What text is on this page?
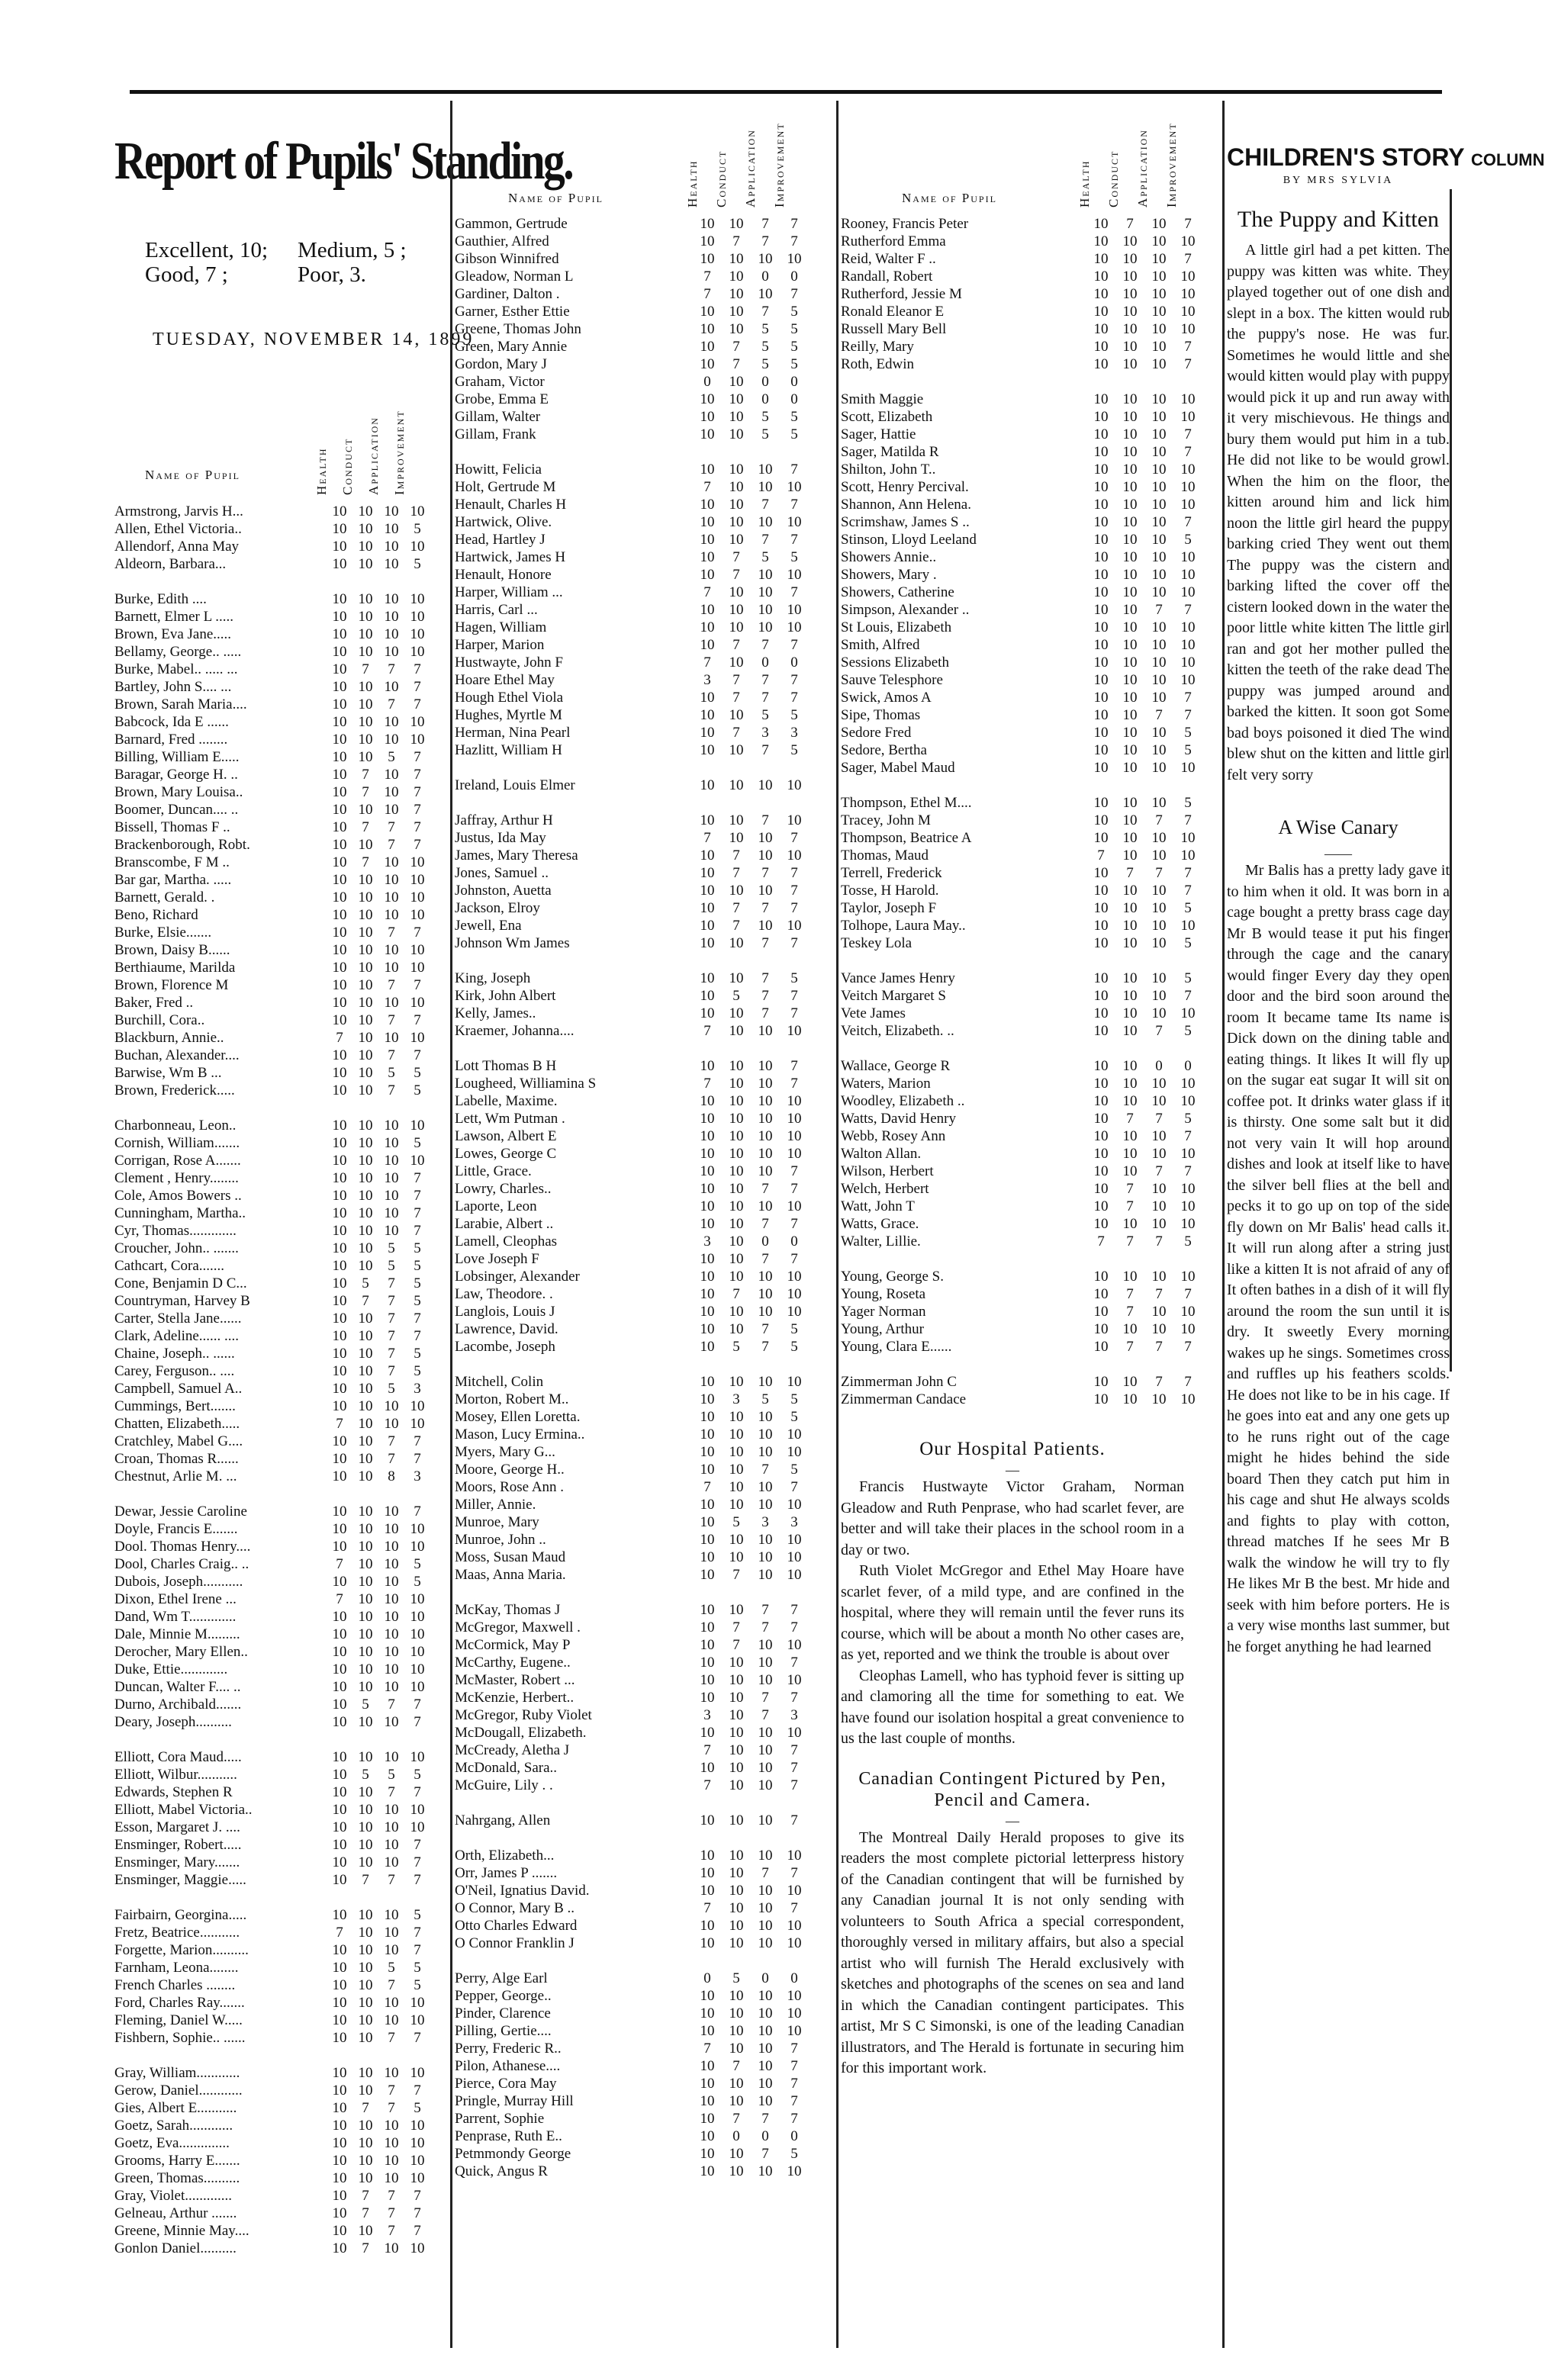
Report of Pupils' Standing.
Excellent, 10;	Medium, 5 ;
Good, 7 ;	Poor, 3.
TUESDAY, NOVEMBER 14, 1899
Name of Pupil	Health Conduct Application Improvement
Armstrong, Jarvis H...	10 10 10 10
Allen, Ethel Victoria..	10 10 10	5
Allendorf, Anna May	10 10 10 10
Aldeorn, Barbara...	10 10 10	5
Burke, Edith ....	10 10 10 10
Barnett, Elmer L .....	10 10 10 10
Brown, Eva Jane.....	10 10 10 10
Bellamy, George.. .....	10 10 10 10
Burke, Mabel.. ..... ...	10	7	7	7
Bartley, John S.... ...	10 10 10	7
Brown, Sarah Maria....	10 10	7	7
Babcock, Ida E ......	10 10 10 10
Barnard, Fred ........	10 10 10 10
Billing, William E.....	10 10	5	7
Baragar, George H. ..	10	7	10	7
Brown, Mary Louisa..	10	7	10	7
Boomer, Duncan.... ..	10 10 10	7
Bissell, Thomas F ..	10	7	7	7
Brackenborough, Robt.	10 10	7	7
Branscombe, F M ..	10	7	10 10
Bar gar, Martha. .....	10 10 10 10
Barnett, Gerald. .	10 10 10 10
Beno, Richard	10 10 10 10
Burke, Elsie.......	10 10	7	7
Brown, Daisy B......	10 10 10 10
Berthiaume, Marilda	10 10 10 10
Brown, Florence M	10 10	7	7
Baker, Fred ..	10 10 10 10
Burchill, Cora..	10 10	7	7
Blackburn, Annie..	7	10 10 10
Buchan, Alexander....	10 10	7	7
Barwise, Wm B ...	10 10	5	5
Brown, Frederick.....	10 10	7	5
Charbonneau, Leon..	10 10 10 10
Cornish, William.......	10 10 10	5
Corrigan, Rose A.......	10 10 10 10
Clement , Henry........	10 10 10	7
Cole, Amos Bowers ..	10 10 10	7
Cunningham, Martha..	10 10 10	7
Cyr, Thomas.............	10 10 10	7
Croucher, John.. .......	10 10	5	5
Cathcart, Cora.......	10 10	5	5
Cone, Benjamin D C...	10	5	7	5
Countryman, Harvey B	10	7	7	5
Carter, Stella Jane......	10 10	7	7
Clark, Adeline...... ....	10 10	7	7
Chaine, Joseph.. ......	10 10	7	5
Carey, Ferguson.. ....	10 10	7	5
Campbell, Samuel A..	10 10	5	3
Cummings, Bert.......	10 10 10 10
Chatten, Elizabeth.....	7	10 10 10
Cratchley, Mabel G....	10 10	7	7
Croan, Thomas R......	10 10	7	7
Chestnut, Arlie M. ...	10 10	8	3
Dewar, Jessie Caroline	10 10 10	7
Doyle, Francis E.......	10 10 10 10
Dool. Thomas Henry....	10 10 10 10
Dool, Charles Craig.. ..	7	10 10	5
Dubois, Joseph...........	10 10 10	5
Dixon, Ethel Irene ...	7	10 10 10
Dand, Wm T.............	10 10 10 10
Dale, Minnie M.........	10 10 10 10
Derocher, Mary Ellen..	10 10 10 10
Duke, Ettie.............	10 10 10 10
Duncan, Walter F.... ..	10 10 10 10
Durno, Archibald.......	10	5	7	7
Deary, Joseph..........	10 10 10	7
Elliott, Cora Maud.....	10 10 10 10
Elliott, Wilbur...........	10	5	5	5
Edwards, Stephen R	10 10	7	7
Elliott, Mabel Victoria..	10 10 10 10
Esson, Margaret J. ....	10 10 10 10
Ensminger, Robert.....	10 10 10	7
Ensminger, Mary.......	10 10 10	7
Ensminger, Maggie.....	10	7	7	7
Fairbairn, Georgina.....	10 10 10	5
Fretz, Beatrice...........	7	10 10	7
Forgette, Marion..........	10 10 10	7
Farnham, Leona........	10 10	5	5
French Charles ........	10 10	7	5
Ford, Charles Ray.......	10 10 10 10
Fleming, Daniel W.....	10 10 10 10
Fishbern, Sophie.. ......	10 10	7	7
Gray, William............	10 10 10 10
Gerow, Daniel............	10 10	7	7
Gies, Albert E...........	10	7	7	5
Goetz, Sarah............	10 10 10 10
Goetz, Eva..............	10 10 10 10
Grooms, Harry E.......	10 10 10 10
Green, Thomas..........	10 10 10 10
Gray, Violet.............	10	7	7	7
Gelneau, Arthur .......	10	7	7	7
Greene, Minnie May....	10 10	7	7
Gonlon Daniel..........	10	7	10 10
Name of Pupil	Health Conduct Application Improvement
Gammon, Gertrude	10	10	7	7
Gauthier, Alfred	10	7	7	7
Gibson Winnifred	10	10	10	10
Gleadow, Norman L	7	10	0	0
Gardiner, Dalton .	7	10	10	7
Garner, Esther Ettie	10	10	7	5
Greene, Thomas John	10	10	5	5
Green, Mary Annie	10	7	5	5
Gordon, Mary J	10	7	5	5
Graham, Victor	0	10	0	0
Grobe, Emma E	10	10	0	0
Gillam, Walter	10	10	5	5
Gillam, Frank	10	10	5	5
Howitt, Felicia	10	10	10	7
Holt, Gertrude M	7	10	10	10
Henault, Charles H	10	10	7	7
Hartwick, Olive.	10	10	10	10
Head, Hartley J	10	10	7	7
Hartwick, James H	10	7	5	5
Henault, Honore	10	7	10	10
Harper, William ...	7	10	10	7
Harris, Carl ...	10	10	10	10
Hagen, William	10	10	10	10
Harper, Marion	10	7	7	7
Hustwayte, John F	7	10	0	0
Hoare Ethel May	3	7	7	7
Hough Ethel Viola	10	7	7	7
Hughes, Myrtle M	10	10	5	5
Herman, Nina Pearl	10	7	3	3
Hazlitt, William H	10	10	7	5
Ireland, Louis Elmer	10	10	10	10
Jaffray, Arthur H	10	10	7	10
Justus, Ida May	7	10	10	7
James, Mary Theresa	10	7	10	10
Jones, Samuel ..	10	7	7	7
Johnston, Auetta	10	10	10	7
Jackson, Elroy	10	7	7	7
Jewell, Ena	10	7	10	10
Johnson Wm James	10	10	7	7
King, Joseph	10	10	7	5
Kirk, John Albert	10	5	7	7
Kelly, James..	10	10	7	7
Kraemer, Johanna....	7	10	10	10
Lott Thomas B H	10	10	10	7
Lougheed, Williamina S	7	10	10	7
Labelle, Maxime.	10	10	10	10
Lett, Wm Putman .	10	10	10	10
Lawson, Albert E	10	10	10	10
Lowes, George C	10	10	10	10
Little, Grace.	10	10	10	7
Lowry, Charles..	10	10	7	7
Laporte, Leon	10	10	10	10
Larabie, Albert ..	10	10	7	7
Lamell, Cleophas	3	10	0	0
Love Joseph F	10	10	7	7
Lobsinger, Alexander	10	10	10	10
Law, Theodore. .	10	7	10	10
Langlois, Louis J	10	10	10	10
Lawrence, David.	10	10	7	5
Lacombe, Joseph	10	5	7	5
Mitchell, Colin	10	10	10	10
Morton, Robert M..	10	3	5	5
Mosey, Ellen Loretta.	10	10	10	5
Mason, Lucy Ermina..	10	10	10	10
Myers, Mary G...	10	10	10	10
Moore, George H..	10	10	7	5
Moors, Rose Ann .	7	10	10	7
Miller, Annie.	10	10	10	10
Munroe, Mary	10	5	3	3
Munroe, John ..	10	10	10	10
Moss, Susan Maud	10	10	10	10
Maas, Anna Maria.	10	7	10	10
McKay, Thomas J	10	10	7	7
McGregor, Maxwell .	10	7	7	7
McCormick, May P	10	7	10	10
McCarthy, Eugene..	10	10	10	7
McMaster, Robert ...	10	10	10	10
McKenzie, Herbert..	10	10	7	7
McGregor, Ruby Violet	3	10	7	3
McDougall, Elizabeth.	10	10	10	10
McCready, Aletha J	7	10	10	7
McDonald, Sara..	10	10	10	7
McGuire, Lily . .	7	10	10	7
Nahrgang, Allen	10	10	10	7
Orth, Elizabeth...	10	10	10	10
Orr, James P .......	10	10	7	7
O'Neil, Ignatius David.	10	10	10	10
O Connor, Mary B ..	7	10	10	7
Otto Charles Edward	10	10	10	10
O Connor Franklin J	10	10	10	10
Perry, Alge Earl	0	5	0	0
Pepper, George..	10	10	10	10
Pinder, Clarence	10	10	10	10
Pilling, Gertie....	10	10	10	10
Perry, Frederic R..	7	10	10	7
Pilon, Athanese....	10	7	10	7
Pierce, Cora May	10	10	10	7
Pringle, Murray Hill	10	10	10	7
Parrent, Sophie	10	7	7	7
Penprase, Ruth E..	10	0	0	0
Petmmondy George	10	10	7	5
Quick, Angus R	10	10	10	10
Name of Pupil	Health Conduct Application Improvement
Rooney, Francis Peter	10	7	10	7
Rutherford Emma	10	10	10	10
Reid, Walter F ..	10	10	10	7
Randall, Robert	10	10	10	10
Rutherford, Jessie M	10	10	10	10
Ronald Eleanor E	10	10	10	10
Russell Mary Bell	10	10	10	10
Reilly, Mary	10	10	10	7
Roth, Edwin	10	10	10	7
Smith Maggie	10	10	10	10
Scott, Elizabeth	10	10	10	10
Sager, Hattie	10	10	10	7
Sager, Matilda R	10	10	10	7
Shilton, John T..	10	10	10	10
Scott, Henry Percival.	10	10	10	10
Shannon, Ann Helena.	10	10	10	10
Scrimshaw, James S ..	10	10	10	7
Stinson, Lloyd Leeland	10	10	10	5
Showers Annie..	10	10	10	10
Showers, Mary .	10	10	10	10
Showers, Catherine	10	10	10	10
Simpson, Alexander ..	10	10	7	7
St Louis, Elizabeth	10	10	10	10
Smith, Alfred	10	10	10	10
Sessions Elizabeth	10	10	10	10
Sauve Telesphore	10	10	10	10
Swick, Amos A	10	10	10	7
Sipe, Thomas	10	10	7	7
Sedore Fred	10	10	10	5
Sedore, Bertha	10	10	10	5
Sager, Mabel Maud	10	10	10	10
Thompson, Ethel M....	10	10	10	5
Tracey, John M	10	10	7	7
Thompson, Beatrice A	10	10	10	10
Thomas, Maud	7	10	10	10
Terrell, Frederick	10	7	7	7
Tosse, H Harold.	10	10	10	7
Taylor, Joseph F	10	10	10	5
Tolhope, Laura May..	10	10	10	10
Teskey Lola	10	10	10	5
Vance James Henry	10	10	10	5
Veitch Margaret S	10	10	10	7
Vete James	10	10	10	10
Veitch, Elizabeth. ..	10	10	7	5
Wallace, George R	10	10	0	0
Waters, Marion	10	10	10	10
Woodley, Elizabeth ..	10	10	10	10
Watts, David Henry	10	7	7	5
Webb, Rosey Ann	10	10	10	7
Walton Allan.	10	10	10	10
Wilson, Herbert	10	10	7	7
Welch, Herbert	10	7	10	10
Watt, John T	10	7	10	10
Watts, Grace.	10	10	10	10
Walter, Lillie.	7	7	7	5
Young, George S.	10	10	10	10
Young, Roseta	10	7	7	7
Yager Norman	10	7	10	10
Young, Arthur	10	10	10	10
Young, Clara E......	10	7	7	7
Zimmerman John C	10	10	7	7
Zimmerman Candace	10	10	10	10
Our Hospital Patients.
—

Francis Hustwayte Victor Graham, Norman Gleadow and Ruth Penprase, who had scarlet fever, are better and will take their places in the school room in a day or two.

Ruth Violet McGregor and Ethel May Hoare have scarlet fever, of a mild type, and are confined in the hospital, where they will remain until the fever runs its course, which will be about a month No other cases are, as yet, reported and we think the trouble is about over

Cleophas Lamell, who has typhoid fever is sitting up and clamoring all the time for something to eat. We have found our isolation hospital a great convenience to us the last couple of months.

Canadian Contingent Pictured by Pen, Pencil and Camera.
—

The Montreal Daily Herald proposes to give its readers the most complete pictorial letterpress history of the Canadian contingent that will be furnished by any Canadian journal It is not only sending with volunteers to South Africa a special correspondent, thoroughly versed in military affairs, but also a special artist who will furnish The Herald exclusively with sketches and photographs of the scenes on sea and land in which the Canadian contingent participates. This artist, Mr S C Simonski, is one of the leading Canadian illustrators, and The Herald is fortunate in securing him for this important work.

CHILDREN'S STORY COLUMN
BY MRS SYLVIA
The Puppy and Kitten

A little girl had a pet kitten. The puppy was kitten was white. They played together out of one dish and slept in a box. The kitten would rub the puppy's nose. He was fur. Sometimes he would little and she would kitten would play with puppy would pick it up and run away with it very mischievous. He things and bury them would put him in a tub. He did not like to be would growl. When the him on the floor, the kitten around him and lick him noon the little girl heard the puppy barking cried They went out them The puppy was the cistern and barking lifted the cover off the cistern looked down in the water the poor little white kitten The little girl ran and got her mother pulled the kitten the teeth of the rake dead The puppy was jumped around and barked the kitten. It soon got Some bad boys poisoned it died The wind blew shut on the kitten and little girl felt very sorry

A Wise Canary
——

Mr Balis has a pretty lady gave it to him when it old. It was born in a cage bought a pretty brass cage day Mr B would tease it put his finger through the cage and the canary would finger Every day they open door and the bird soon around the room It became tame Its name is Dick down on the dining table and eating things. It likes It will fly up on the sugar eat sugar It will sit on coffee pot. It drinks water glass if it is thirsty. One some salt but it did not very vain It will hop around dishes and look at itself like to have the silver bell flies at the bell and pecks it to go up on top of the side fly down on Mr Balis' head calls it. It will run along after a string just like a kitten It is not afraid of any of It often bathes in a dish of it will fly around the room the sun until it is dry. It sweetly Every morning wakes up he sings. Sometimes cross and ruffles up his feathers scolds. He does not like to be in his cage. If he goes into eat and any one gets up to he runs right out of the cage might he hides behind the side board Then they catch put him in his cage and shut He always scolds and fights to play with cotton, thread matches If he sees Mr B walk the window he will try to fly He likes Mr B the best. Mr hide and seek with him before porters. He is a very wise months last summer, but he forget anything he had learned
